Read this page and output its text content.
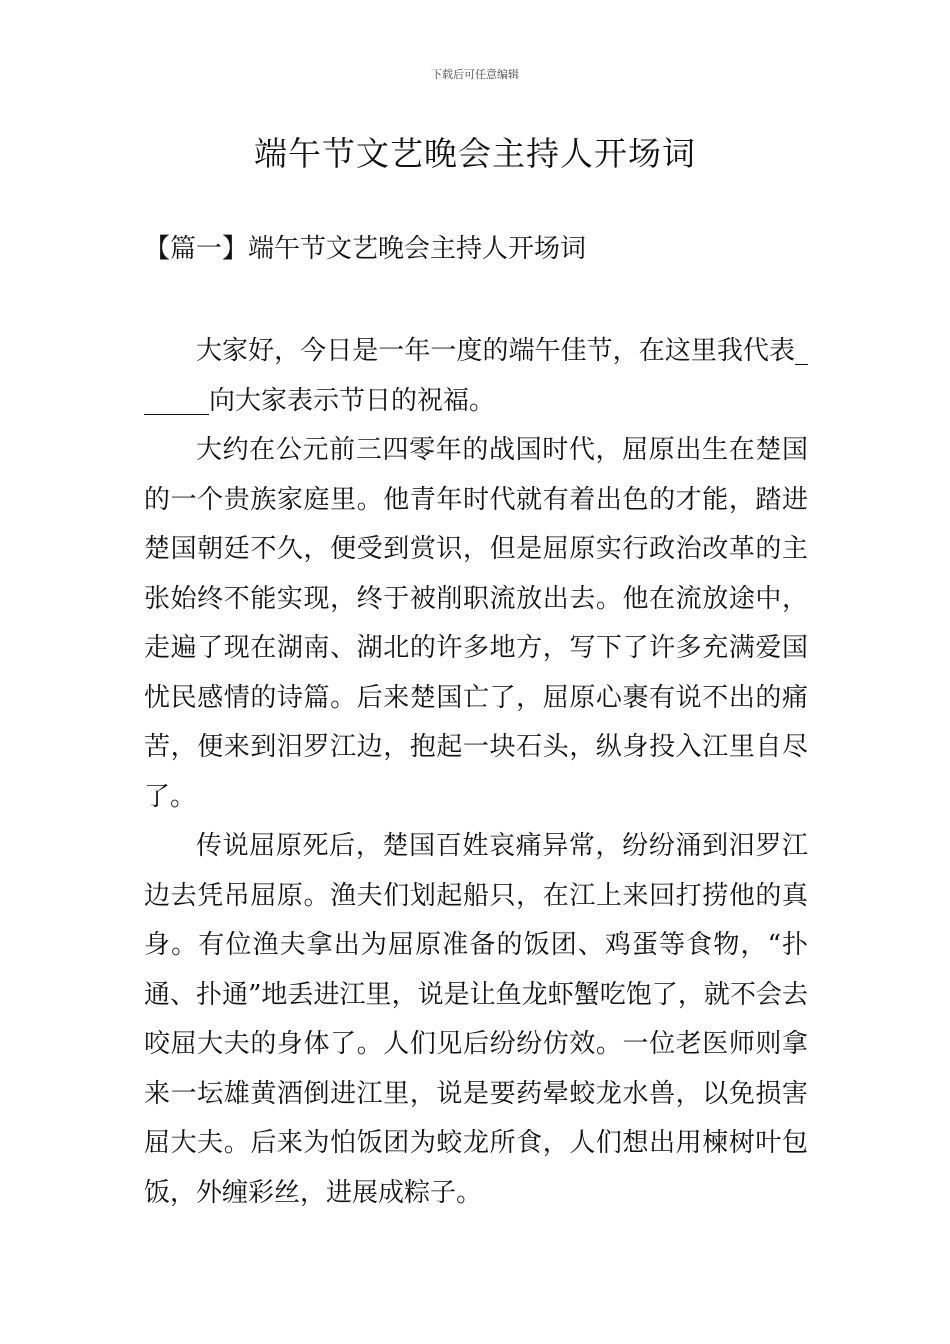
下载后可任意编辑
端午节文艺晚会主持人开场词
【篇一】端午节文艺晚会主持人开场词

大家好，今日是一年一度的端午佳节，在这里我代表______向大家表示节日的祝福。

大约在公元前三四零年的战国时代，屈原出生在楚国的一个贵族家庭里。他青年时代就有着出色的才能，踏进楚国朝廷不久，便受到赏识，但是屈原实行政治改革的主张始终不能实现，终于被削职流放出去。他在流放途中，走遍了现在湖南、湖北的许多地方，写下了许多充满爱国忧民感情的诗篇。后来楚国亡了，屈原心裹有说不出的痛苦，便来到汨罗江边，抱起一块石头，纵身投入江里自尽了。

传说屈原死后，楚国百姓哀痛异常，纷纷涌到汨罗江边去凭吊屈原。渔夫们划起船只，在江上来回打捞他的真身。有位渔夫拿出为屈原准备的饭团、鸡蛋等食物，“扑通、扑通”地丢进江里，说是让鱼龙虾蟹吃饱了，就不会去咬屈大夫的身体了。人们见后纷纷仿效。一位老医师则拿来一坛雄黄酒倒进江里，说是要药晕蛟龙水兽，以免损害屈大夫。后来为怕饭团为蛟龙所食，人们想出用楝树叶包饭，外缠彩丝，进展成粽子。
